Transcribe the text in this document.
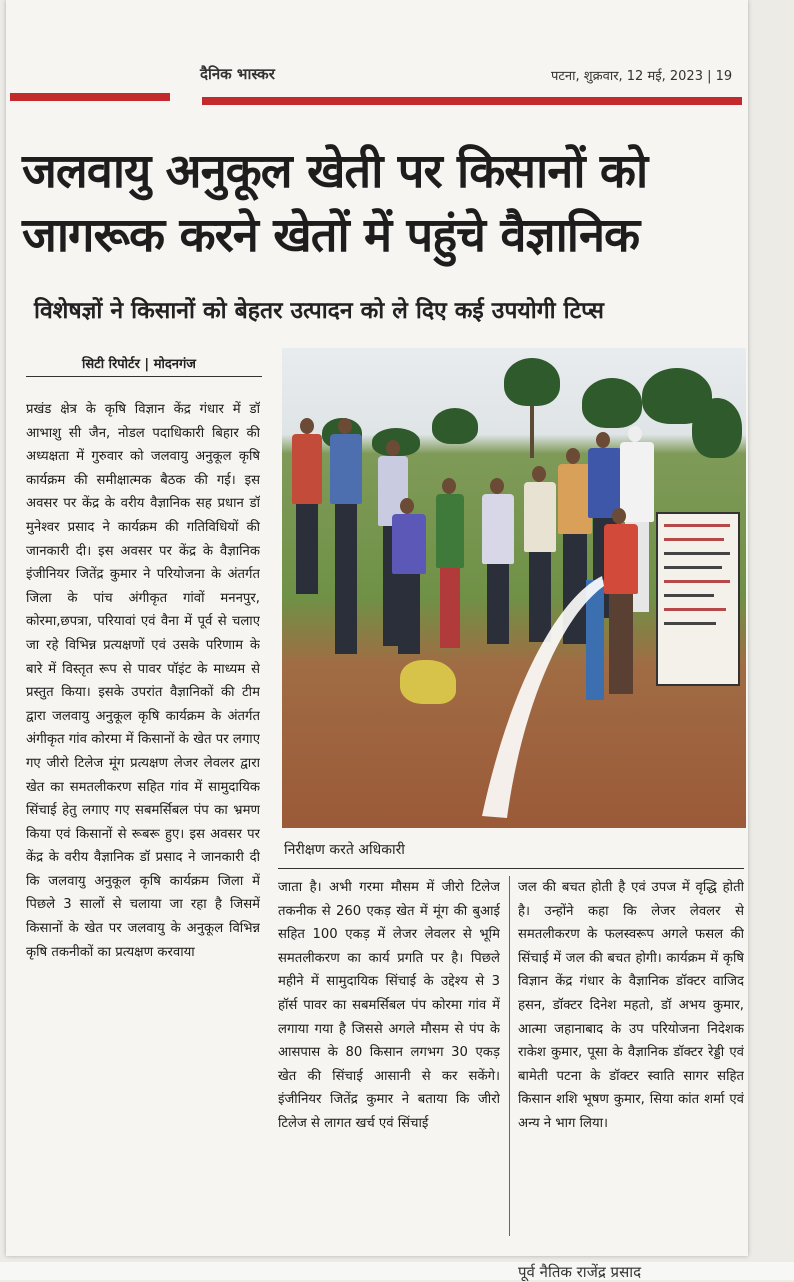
दैनिक भास्कर	पटना, शुक्रवार, 12 मई, 2023 | 19
जलवायु अनुकूल खेती पर किसानों को जागरूक करने खेतों में पहुंचे वैज्ञानिक
विशेषज्ञों ने किसानों को बेहतर उत्पादन को ले दिए कई उपयोगी टिप्स
सिटी रिपोर्टर | मोदनगंज
प्रखंड क्षेत्र के कृषि विज्ञान केंद्र गंधार में डॉ आभाशु सी जैन, नोडल पदाधिकारी बिहार की अध्यक्षता में गुरुवार को जलवायु अनुकूल कृषि कार्यक्रम की समीक्षात्मक बैठक की गई। इस अवसर पर केंद्र के वरीय वैज्ञानिक सह प्रधान डॉ मुनेश्वर प्रसाद ने कार्यक्रम की गतिविधियों की जानकारी दी। इस अवसर पर केंद्र के वैज्ञानिक इंजीनियर जितेंद्र कुमार ने परियोजना के अंतर्गत जिला के पांच अंगीकृत गांवों मननपुर, कोरमा,छपत्रा, परियावां एवं वैना में पूर्व से चलाए जा रहे विभिन्न प्रत्यक्षणों एवं उसके परिणाम के बारे में विस्तृत रूप से पावर पॉइंट के माध्यम से प्रस्तुत किया। इसके उपरांत वैज्ञानिकों की टीम द्वारा जलवायु अनुकूल कृषि कार्यक्रम के अंतर्गत अंगीकृत गांव कोरमा में किसानों के खेत पर लगाए गए जीरो टिलेज मूंग प्रत्यक्षण लेजर लेवलर द्वारा खेत का समतलीकरण सहित गांव में सामुदायिक सिंचाई हेतु लगाए गए सबमर्सिबल पंप का भ्रमण किया एवं किसानों से रूबरू हुए। इस अवसर पर केंद्र के वरीय वैज्ञानिक डॉ प्रसाद ने जानकारी दी कि जलवायु अनुकूल कृषि कार्यक्रम जिला में पिछले 3 सालों से चलाया जा रहा है जिसमें किसानों के खेत पर जलवायु के अनुकूल विभिन्न कृषि तकनीकों का प्रत्यक्षण करवाया
निरीक्षण करते अधिकारी
जाता है। अभी गरमा मौसम में जीरो टिलेज तकनीक से 260 एकड़ खेत में मूंग की बुआई सहित 100 एकड़ में लेजर लेवलर से भूमि समतलीकरण का कार्य प्रगति पर है। पिछले महीने में सामुदायिक सिंचाई के उद्देश्य से 3 हॉर्स पावर का सबमर्सिबल पंप कोरमा गांव में लगाया गया है जिससे अगले मौसम से पंप के आसपास के 80 किसान लगभग 30 एकड़ खेत की सिंचाई आसानी से कर सकेंगे। इंजीनियर जितेंद्र कुमार ने बताया कि जीरो टिलेज से लागत खर्च एवं सिंचाई
जल की बचत होती है एवं उपज में वृद्धि होती है। उन्होंने कहा कि लेजर लेवलर से समतलीकरण के फलस्वरूप अगले फसल की सिंचाई में जल की बचत होगी। कार्यक्रम में कृषि विज्ञान केंद्र गंधार के वैज्ञानिक डॉक्टर वाजिद हसन, डॉक्टर दिनेश महतो, डॉ अभय कुमार, आत्मा जहानाबाद के उप परियोजना निदेशक राकेश कुमार, पूसा के वैज्ञानिक डॉक्टर रेड्डी एवं बामेती पटना के डॉक्टर स्वाति सागर सहित किसान शशि भूषण कुमार, सिया कांत शर्मा एवं अन्य ने भाग लिया।
पूर्व नैतिक राजेंद्र प्रसाद
